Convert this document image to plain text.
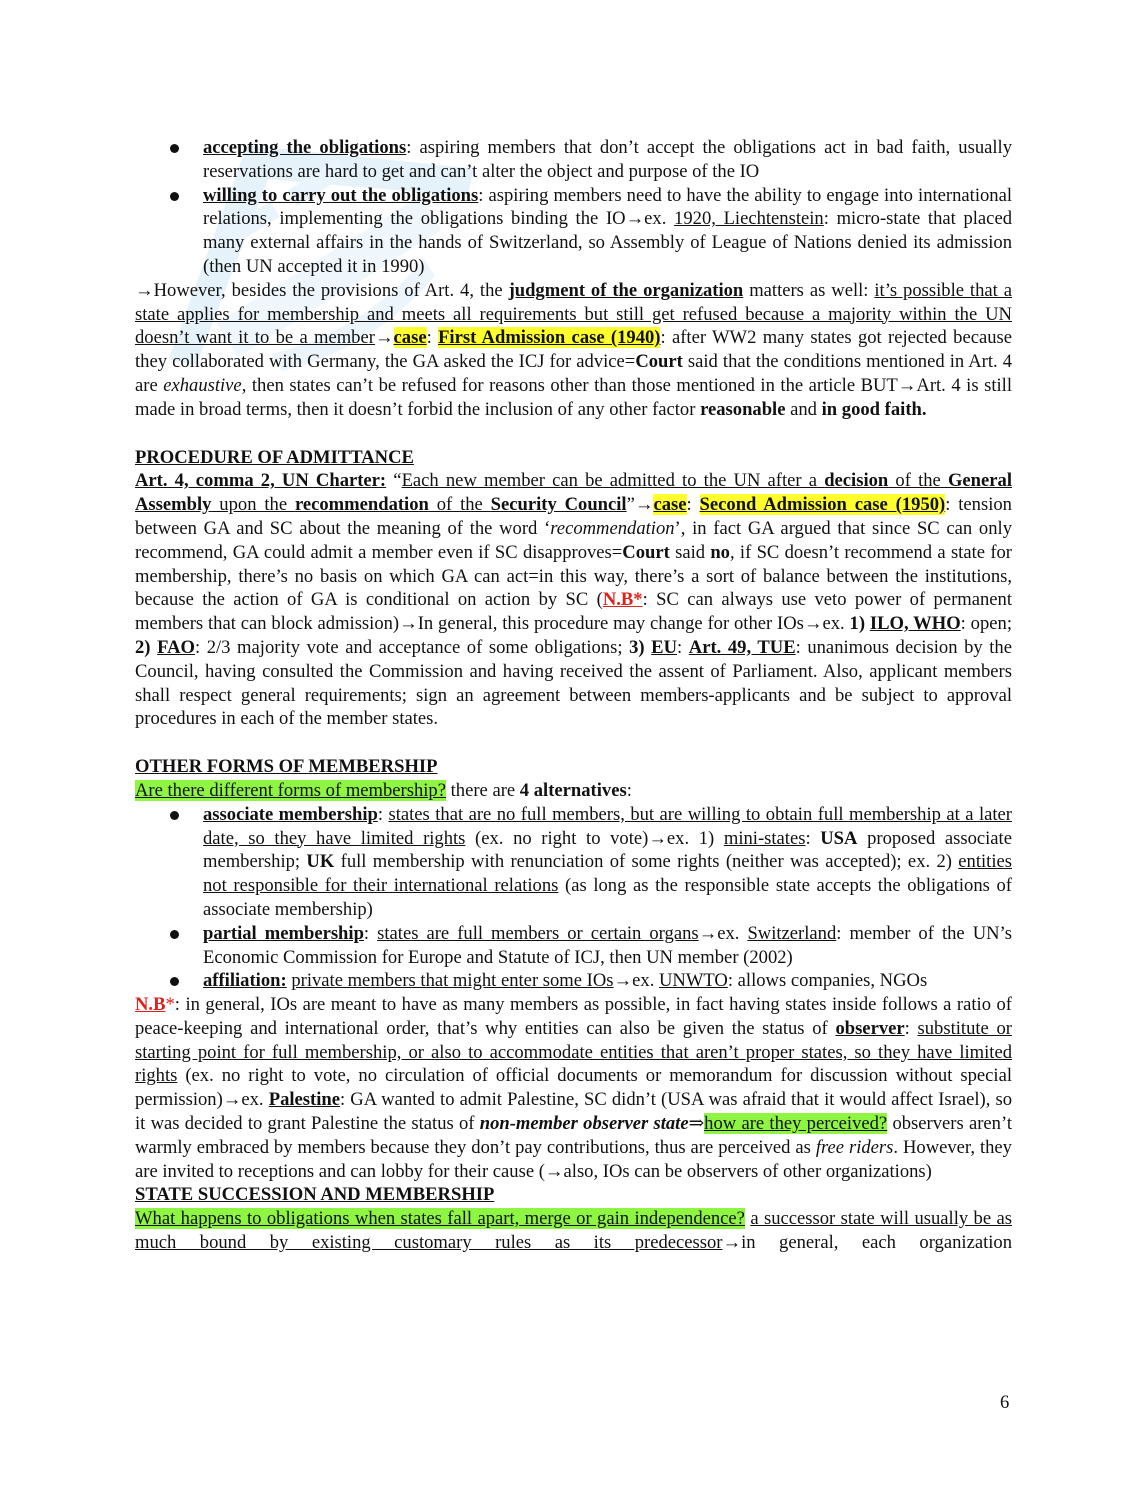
accepting the obligations: aspiring members that don’t accept the obligations act in bad faith, usually reservations are hard to get and can’t alter the object and purpose of the IO
willing to carry out the obligations: aspiring members need to have the ability to engage into international relations, implementing the obligations binding the IO→ex. 1920, Liechtenstein: micro-state that placed many external affairs in the hands of Switzerland, so Assembly of League of Nations denied its admission (then UN accepted it in 1990)

→However, besides the provisions of Art. 4, the judgment of the organization matters as well: it’s possible that a state applies for membership and meets all requirements but still get refused because a majority within the UN doesn’t want it to be a member→case: First Admission case (1940): after WW2 many states got rejected because they collaborated with Germany, the GA asked the ICJ for advice=Court said that the conditions mentioned in Art. 4 are exhaustive, then states can’t be refused for reasons other than those mentioned in the article BUT→Art. 4 is still made in broad terms, then it doesn’t forbid the inclusion of any other factor reasonable and in good faith.

PROCEDURE OF ADMITTANCE

Art. 4, comma 2, UN Charter: “Each new member can be admitted to the UN after a decision of the General Assembly upon the recommendation of the Security Council”→case: Second Admission case (1950): tension between GA and SC about the meaning of the word ‘recommendation’, in fact GA argued that since SC can only recommend, GA could admit a member even if SC disapproves=Court said no, if SC doesn’t recommend a state for membership, there’s no basis on which GA can act=in this way, there’s a sort of balance between the institutions, because the action of GA is conditional on action by SC (N.B*: SC can always use veto power of permanent members that can block admission)→In general, this procedure may change for other IOs→ex. 1) ILO, WHO: open; 2) FAO: 2/3 majority vote and acceptance of some obligations; 3) EU: Art. 49, TUE: unanimous decision by the Council, having consulted the Commission and having received the assent of Parliament. Also, applicant members shall respect general requirements; sign an agreement between members-applicants and be subject to approval procedures in each of the member states.

OTHER FORMS OF MEMBERSHIP

Are there different forms of membership? there are 4 alternatives:

associate membership: states that are no full members, but are willing to obtain full membership at a later date, so they have limited rights (ex. no right to vote)→ex. 1) mini-states: USA proposed associate membership; UK full membership with renunciation of some rights (neither was accepted); ex. 2) entities not responsible for their international relations (as long as the responsible state accepts the obligations of associate membership)
partial membership: states are full members or certain organs→ex. Switzerland: member of the UN’s Economic Commission for Europe and Statute of ICJ, then UN member (2002)
affiliation: private members that might enter some IOs→ex. UNWTO: allows companies, NGOs

N.B*: in general, IOs are meant to have as many members as possible, in fact having states inside follows a ratio of peace-keeping and international order, that’s why entities can also be given the status of observer: substitute or starting point for full membership, or also to accommodate entities that aren’t proper states, so they have limited rights (ex. no right to vote, no circulation of official documents or memorandum for discussion without special permission)→ex. Palestine: GA wanted to admit Palestine, SC didn’t (USA was afraid that it would affect Israel), so it was decided to grant Palestine the status of non-member observer state⇒how are they perceived? observers aren’t warmly embraced by members because they don’t pay contributions, thus are perceived as free riders. However, they are invited to receptions and can lobby for their cause (→also, IOs can be observers of other organizations)

STATE SUCCESSION AND MEMBERSHIP

What happens to obligations when states fall apart, merge or gain independence? a successor state will usually be as much bound by existing customary rules as its predecessor→in general, each organization

6
